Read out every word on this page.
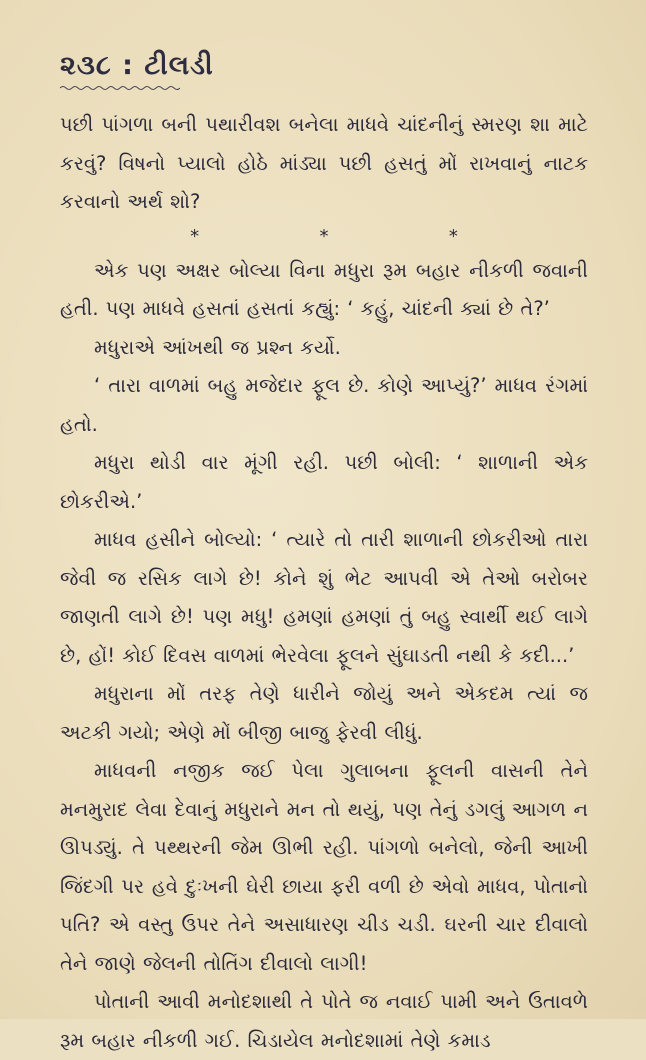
૨૩૮ : ટીલડી

પછી પાંગળા બની પથારીવશ બનેલા માધવે ચાંદનીનું સ્મરણ શા માટે કરવું? વિષનો પ્યાલો હોઠે માંડ્યા પછી હસતું મોં રાખવાનું નાટક કરવાનો અર્થ શો?

*	*	*

એક પણ અક્ષર બોલ્યા વિના મધુરા રૂમ બહાર નીકળી જવાની હતી. પણ માધવે હસતાં હસતાં કહ્યું: ‘ કહું, ચાંદની ક્યાં છે તે?’

મધુરાએ આંખથી જ પ્રશ્ન કર્યો.

‘ તારા વાળમાં બહુ મજેદાર ફૂલ છે. કોણે આપ્યું?’ માધવ રંગમાં હતો.

મધુરા થોડી વાર મૂંગી રહી. પછી બોલી: ‘ શાળાની એક છોકરીએ.’

માધવ હસીને બોલ્યો: ‘ ત્યારે તો તારી શાળાની છોકરીઓ તારા જેવી જ રસિક લાગે છે! કોને શું ભેટ આપવી એ તેઓ બરોબર જાણતી લાગે છે! પણ મધુ! હમણાં હમણાં તું બહુ સ્વાર્થી થઈ લાગે છે, હોં! કોઈ દિવસ વાળમાં ભેરવેલા ફૂલને સુંઘાડતી નથી કે કદી...’

મધુરાના મોં તરફ તેણે ધારીને જોયું અને એકદમ ત્યાં જ અટકી ગયો; એણે મોં બીજી બાજુ ફેરવી લીધું.

માધવની નજીક જઈ પેલા ગુલાબના ફૂલની વાસની તેને મનમુરાદ લેવા દેવાનું મધુરાને મન તો થયું, પણ તેનું ડગલું આગળ ન ઊપડ્યું. તે પથ્થરની જેમ ઊભી રહી. પાંગળો બનેલો, જેની આખી જિંદગી પર હવે દુઃખની ઘેરી છાયા ફરી વળી છે એવો માધવ, પોતાનો પતિ? એ વસ્તુ ઉપર તેને અસાધારણ ચીડ ચડી. ઘરની ચાર દીવાલો તેને જાણે જેલની તોતિંગ દીવાલો લાગી!

પોતાની આવી મનોદશાથી તે પોતે જ નવાઈ પામી અને ઉતાવળે રૂમ બહાર નીકળી ગઈ. ચિડાયેલ મનોદશામાં તેણે કમાડ
